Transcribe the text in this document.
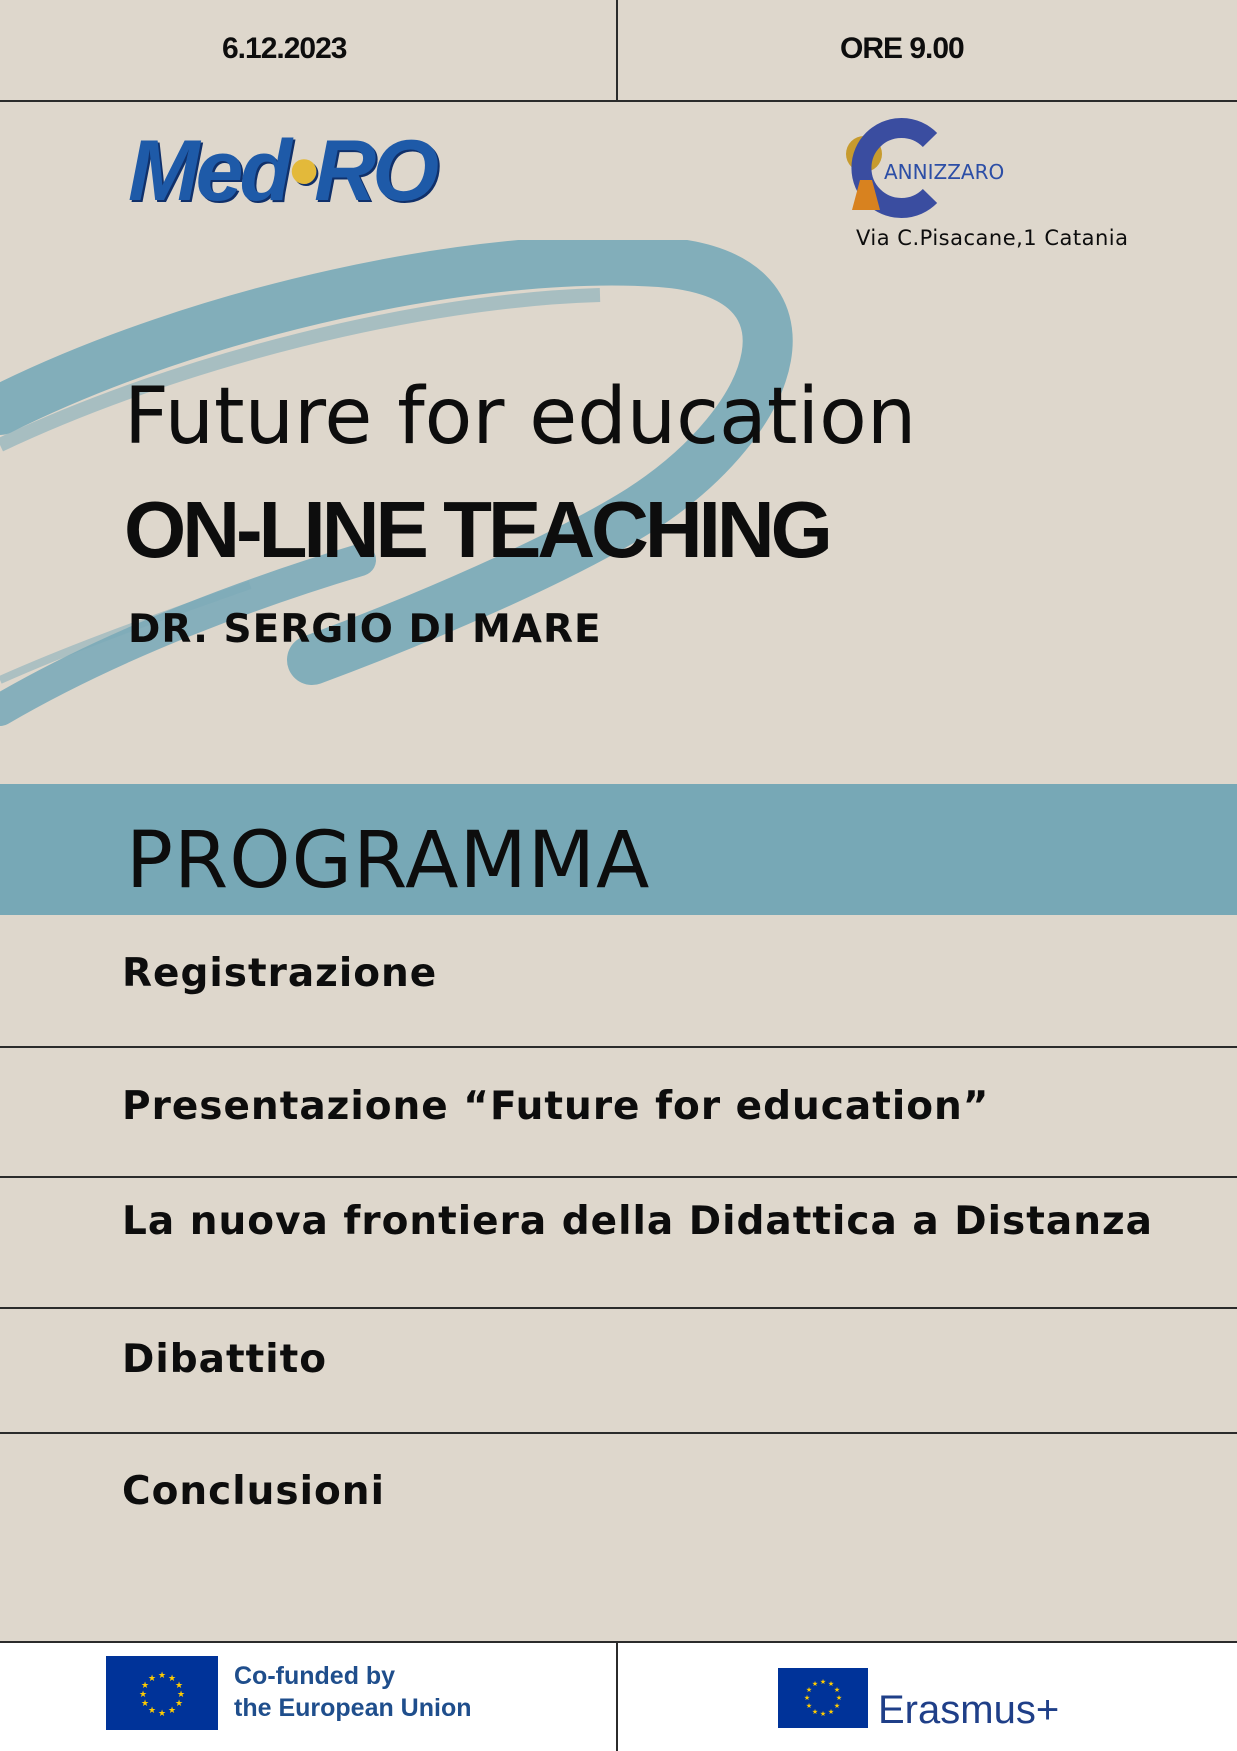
6.12.2023	ORE 9.00
Med•RO	ANNIZZARO
Via C.Pisacane,1 Catania
Future for education
ON-LINE TEACHING
DR. SERGIO DI MARE
PROGRAMMA
Registrazione
Presentazione “Future for education”
La nuova frontiera della Didattica a Distanza
Dibattito
Conclusioni
★ ★
★
★
★
★
★
★
★
★
★
★	Co-funded by
the European Union
★ ★
★
★
★
★
★
★
★
★
★
★
Erasmus+
